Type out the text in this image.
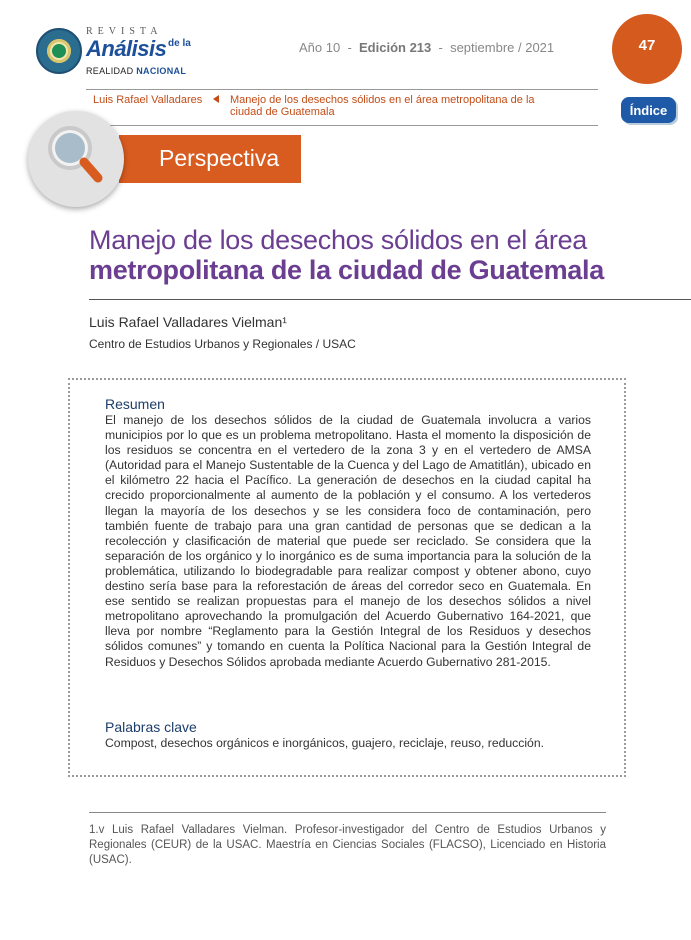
REVISTA
Análisis de la
REALIDAD NACIONAL
Año 10 - Edición 213 - septiembre / 2021	47
Luis Rafael Valladares	Manejo de los desechos sólidos en el área metropolitana de la ciudad de Guatemala	Índice
Perspectiva
Manejo de los desechos sólidos en el área
metropolitana de la ciudad de Guatemala
Luis Rafael Valladares Vielman¹
Centro de Estudios Urbanos y Regionales / USAC
Resumen

El manejo de los desechos sólidos de la ciudad de Guatemala involucra a varios municipios por lo que es un problema metropolitano. Hasta el momento la disposición de los residuos se concentra en el vertedero de la zona 3 y en el vertedero de AMSA (Autoridad para el Manejo Sustentable de la Cuenca y del Lago de Amatitlán), ubicado en el kilómetro 22 hacia el Pacífico. La generación de desechos en la ciudad capital ha crecido proporcionalmente al aumento de la población y el consumo. A los vertederos llegan la mayoría de los desechos y se les considera foco de contaminación, pero también fuente de trabajo para una gran cantidad de personas que se dedican a la recolección y clasificación de material que puede ser reciclado. Se considera que la separación de los orgánico y lo inorgánico es de suma importancia para la solución de la problemática, utilizando lo biodegradable para realizar compost y obtener abono, cuyo destino sería base para la reforestación de áreas del corredor seco en Guatemala. En ese sentido se realizan propuestas para el manejo de los desechos sólidos a nivel metropolitano aprovechando la promulgación del Acuerdo Gubernativo 164-2021, que lleva por nombre “Reglamento para la Gestión Integral de los Residuos y desechos sólidos comunes” y tomando en cuenta la Política Nacional para la Gestión Integral de Residuos y Desechos Sólidos aprobada mediante Acuerdo Gubernativo 281-2015.

Palabras clave
Compost, desechos orgánicos e inorgánicos, guajero, reciclaje, reuso, reducción.

1.v Luis Rafael Valladares Vielman. Profesor-investigador del Centro de Estudios Urbanos y Regionales (CEUR) de la USAC. Maestría en Ciencias Sociales (FLACSO), Licenciado en Historia (USAC).
